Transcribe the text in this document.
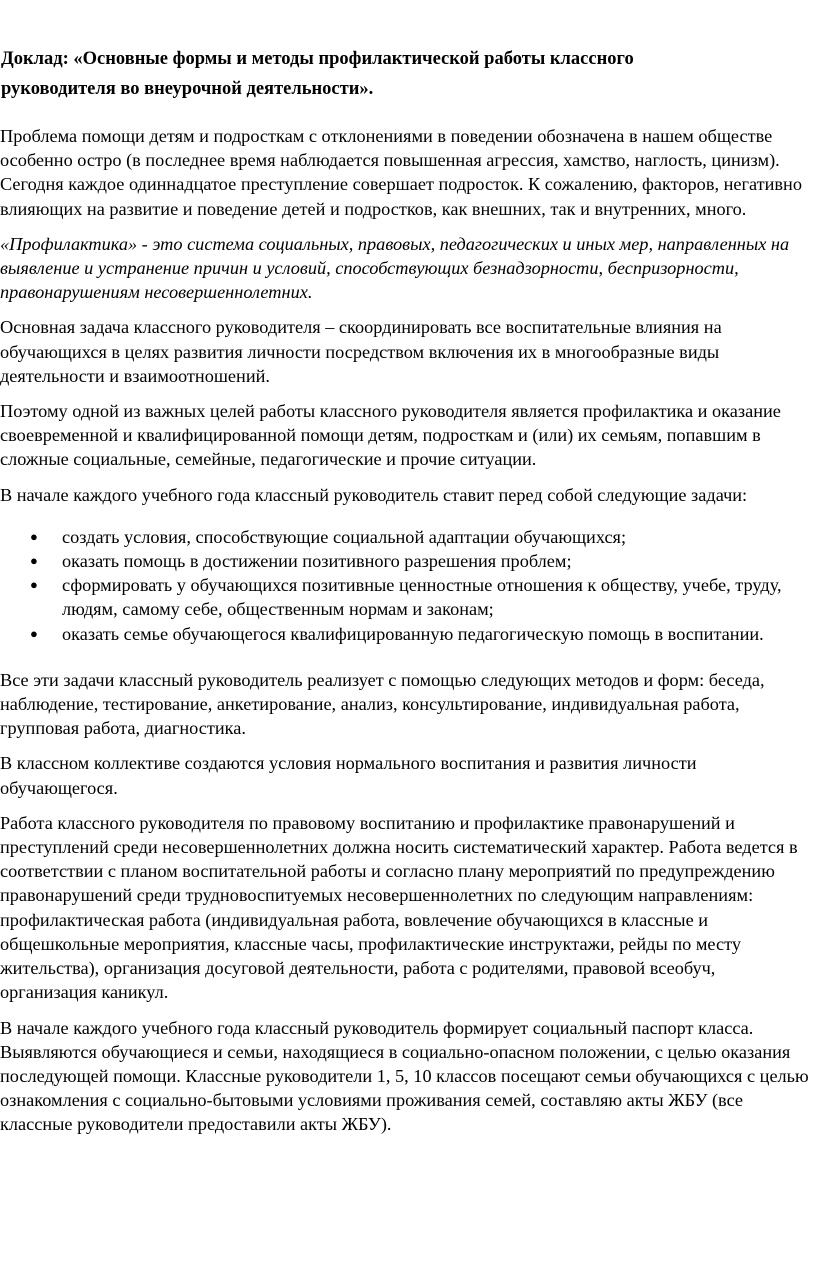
Доклад: «Основные формы и методы профилактической работы классного
руководителя во внеурочной деятельности».

Проблема помощи детям и подросткам с отклонениями в поведении обозначена в нашем обществе особенно остро (в последнее время наблюдается повышенная агрессия, хамство, наглость, цинизм). Сегодня каждое одиннадцатое преступление совершает подросток. К сожалению, факторов, негативно влияющих на развитие и поведение детей и подростков, как внешних, так и внутренних, много.

«Профилактика» - это система социальных, правовых, педагогических и иных мер, направленных на выявление и устранение причин и условий, способствующих безнадзорности, беспризорности, правонарушениям несовершеннолетних.

Основная задача классного руководителя – скоординировать все воспитательные влияния на обучающихся в целях развития личности посредством включения их в многообразные виды деятельности и взаимоотношений.

Поэтому одной из важных целей работы классного руководителя является профилактика и оказание своевременной и квалифицированной помощи детям, подросткам и (или) их семьям, попавшим в сложные социальные, семейные, педагогические и прочие ситуации.

В начале каждого учебного года классный руководитель ставит перед собой следующие задачи:

● создать условия, способствующие социальной адаптации обучающихся;
● оказать помощь в достижении позитивного разрешения проблем;
● сформировать у обучающихся позитивные ценностные отношения к обществу, учебе, труду, людям, самому себе, общественным нормам и законам;
● оказать семье обучающегося квалифицированную педагогическую помощь в воспитании.

Все эти задачи классный руководитель реализует с помощью следующих методов и форм: беседа, наблюдение, тестирование, анкетирование, анализ, консультирование, индивидуальная работа, групповая работа, диагностика.

В классном коллективе создаются условия нормального воспитания и развития личности обучающегося.

Работа классного руководителя по правовому воспитанию и профилактике правонарушений и преступлений среди несовершеннолетних должна носить систематический характер. Работа ведется в соответствии с планом воспитательной работы и согласно плану мероприятий по предупреждению правонарушений среди трудновоспитуемых несовершеннолетних по следующим направлениям: профилактическая работа (индивидуальная работа, вовлечение обучающихся в классные и общешкольные мероприятия, классные часы, профилактические инструктажи, рейды по месту жительства), организация досуговой деятельности, работа с родителями, правовой всеобуч, организация каникул.

В начале каждого учебного года классный руководитель формирует социальный паспорт класса. Выявляются обучающиеся и семьи, находящиеся в социально-опасном положении, с целью оказания последующей помощи. Классные руководители 1, 5, 10 классов посещают семьи обучающихся с целью ознакомления с социально-бытовыми условиями проживания семей, составляю акты ЖБУ (все классные руководители предоставили акты ЖБУ).
